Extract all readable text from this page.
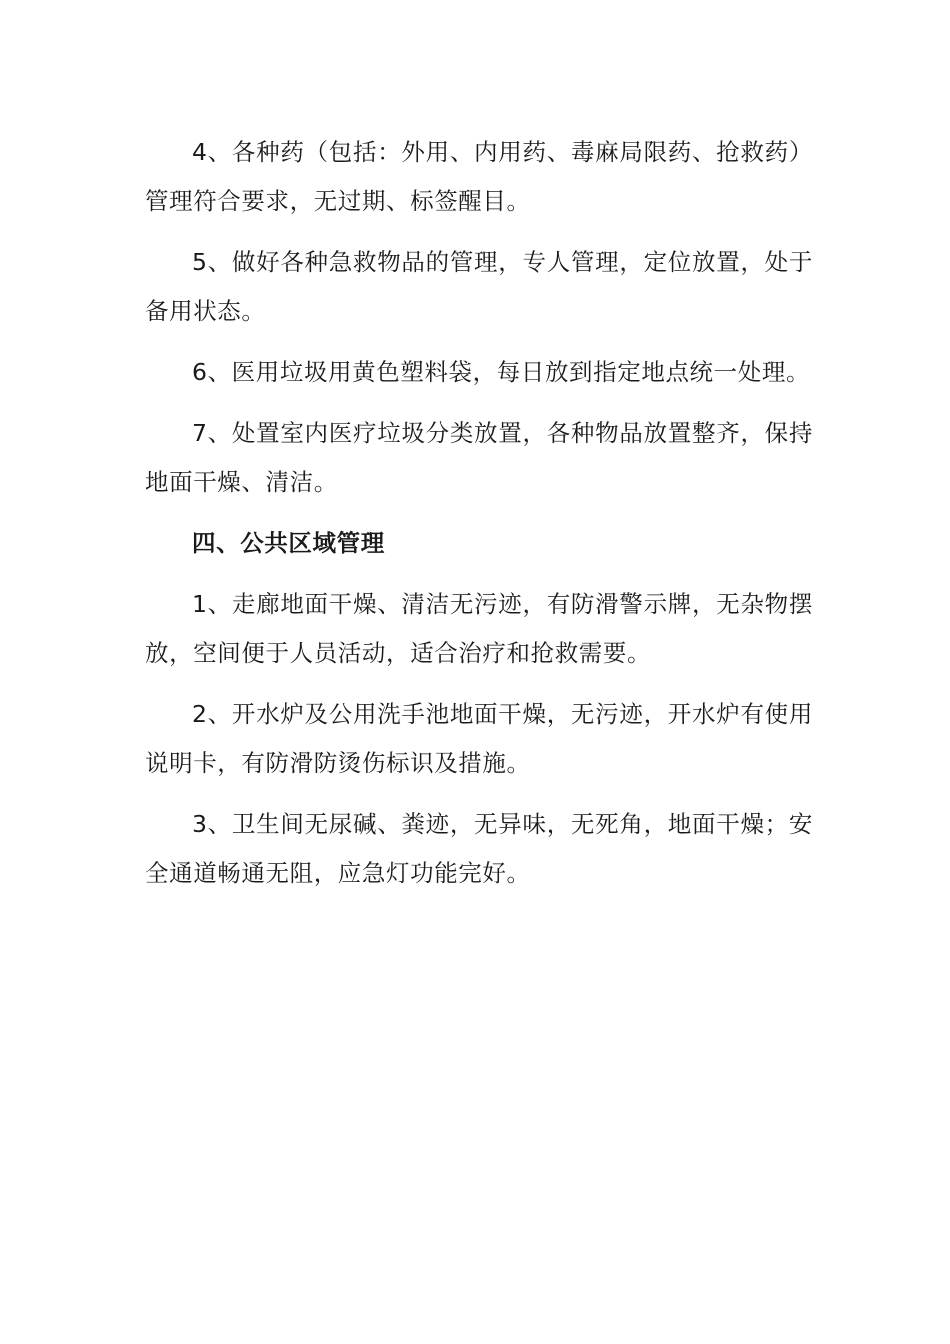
4、各种药（包括：外用、内用药、毒麻局限药、抢救药）管理符合要求，无过期、标签醒目。

5、做好各种急救物品的管理，专人管理，定位放置，处于备用状态。

6、医用垃圾用黄色塑料袋，每日放到指定地点统一处理。

7、处置室内医疗垃圾分类放置，各种物品放置整齐，保持地面干燥、清洁。

四、公共区域管理

1、走廊地面干燥、清洁无污迹，有防滑警示牌，无杂物摆放，空间便于人员活动，适合治疗和抢救需要。

2、开水炉及公用洗手池地面干燥，无污迹，开水炉有使用说明卡，有防滑防烫伤标识及措施。

3、卫生间无尿碱、粪迹，无异味，无死角，地面干燥；安全通道畅通无阻，应急灯功能完好。
